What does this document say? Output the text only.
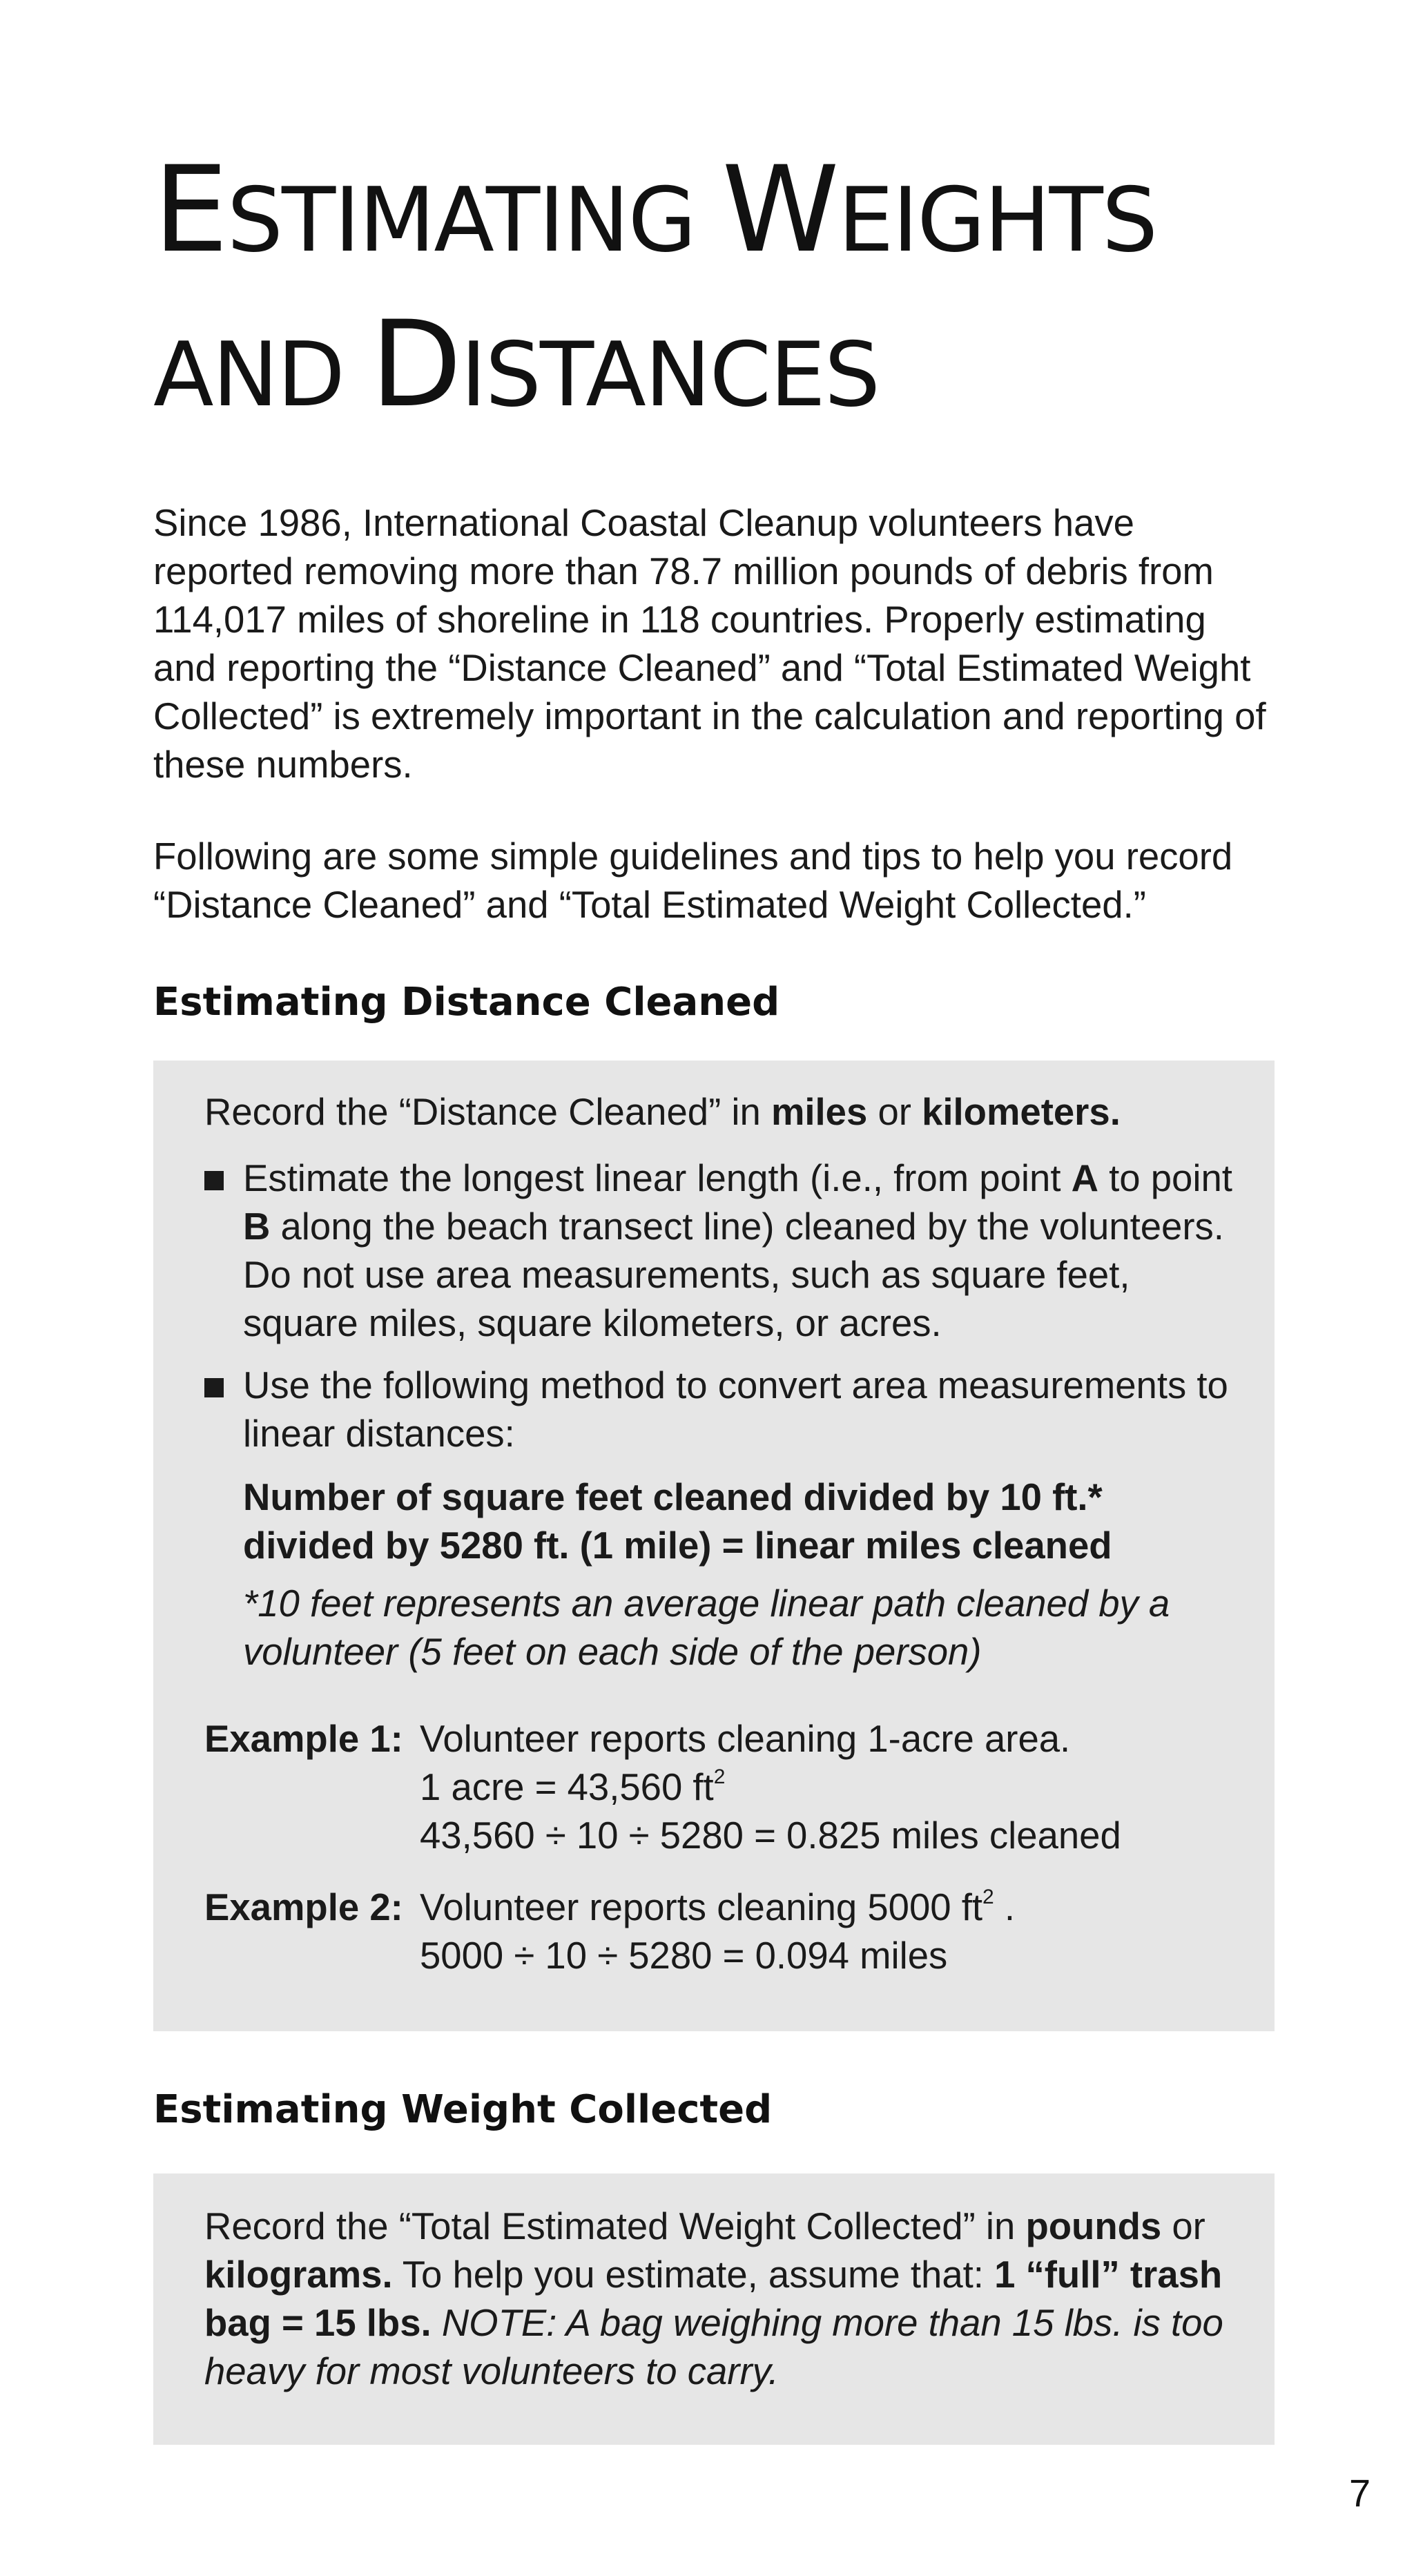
ESTIMATING WEIGHTS
AND DISTANCES

Since 1986, International Coastal Cleanup volunteers have reported removing more than 78.7 million pounds of debris from 114,017 miles of shoreline in 118 countries. Properly estimating and reporting the “Distance Cleaned” and “Total Estimated Weight Collected” is extremely important in the calculation and reporting of these numbers.

Following are some simple guidelines and tips to help you record “Distance Cleaned” and “Total Estimated Weight Collected.”

Estimating Distance Cleaned

Record the “Distance Cleaned” in miles or kilometers.

Estimate the longest linear length (i.e., from point A to point B along the beach transect line) cleaned by the volunteers. Do not use area measurements, such as square feet, square miles, square kilometers, or acres.

Use the following method to convert area measurements to linear distances:

Number of square feet cleaned divided by 10 ft.*
divided by 5280 ft. (1 mile) = linear miles cleaned

*10 feet represents an average linear path cleaned by a volunteer (5 feet on each side of the person)

Example 1: Volunteer reports cleaning 1-acre area.
1 acre = 43,560 $ft^2$
43,560 ÷ 10 ÷ 5280 = 0.825 miles cleaned
Example 2: Volunteer reports cleaning 5000 $ft^2$ .
5000 ÷ 10 ÷ 5280 = 0.094 miles
Estimating Weight Collected

Record the “Total Estimated Weight Collected” in pounds or kilograms. To help you estimate, assume that: 1 “full” trash bag = 15 lbs. NOTE: A bag weighing more than 15 lbs. is too heavy for most volunteers to carry.

7
